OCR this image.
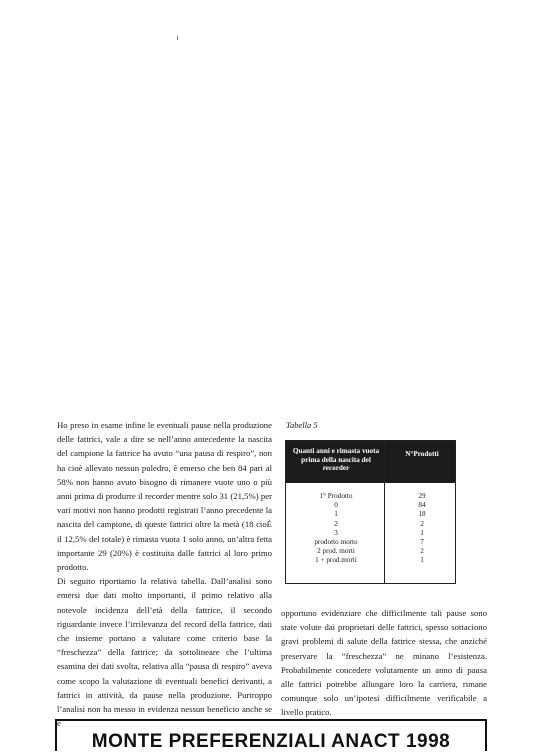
Ho preso in esame infine le eventuali pause nella produzione delle fattrici, vale a dire se nell’anno antecedente la nascita del campione la fattrice ha avuto “una pausa di respiro”, non ha cioè allevato nessun puledro, è emerso che ben 84 pari al 58% non hanno avuto bisogno di rimanere vuote uno o più anni prima di produrre il recorder mentre solo 31 (21,5%) per vari motivi non hanno prodotti registrati l’anno precedente la nascita del campione, di queste fattrici oltre la metà (18 cioÈ il 12,5% del totale) è rimasta vuota 1 solo anno, un’altra fetta importante 29 (20%) è costituita dalle fattrici al loro primo prodotto.

Di seguito riportiamo la relativa tabella. Dall’analisi sono emersi due dati molto importanti, il primo relativo alla notevole incidenza dell’età della fattrice, il secondo riguardante invece l’irrilevanza del record della fattrice, dati che insieme portano a valutare come criterio base la “freschezza” della fattrice; da sottolineare che l’ultima esamina dei dati svolta, relativa alla “pausa di respiro” aveva come scopo la valutazione di eventuali benefici derivanti, a fattrici in attività, da pause nella produzione. Purtroppo l’analisi non ha messo in evidenza nessun beneficio anche se è

Tabella 5
Quanti anni e rimasta vuota prima della nascita del recorder
N°Prodotti
1° Prodotto
0
1
2
3
prodotto morto
2 prod. morti
1 + prod.morti
29
84
18
2
1
7
2
1

opportuno evidenziare che difficilmente tali pause sono state volute dai proprietari delle fattrici, spesso sottaciono gravi problemi di salute della fattrice stessa, che anziché preservare la “freschezza” ne minano l’esistenza. Probabilmente concedere volutamente un anno di pausa alle fattrici potrebbe allungare loro la carriera, rimane comunque solo un’ipotesi difficilmente verificabile a livello pratico.

MONTE PREFERENZIALI ANACT 1998
